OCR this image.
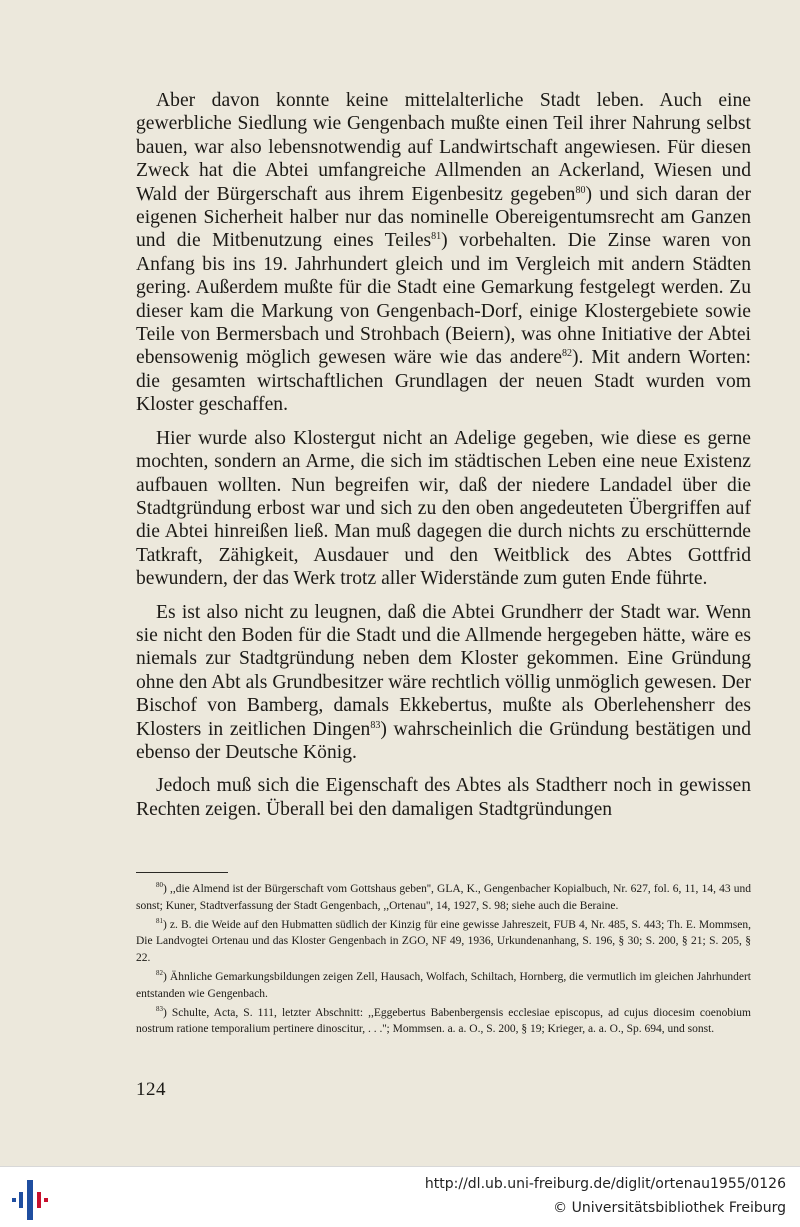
Aber davon konnte keine mittelalterliche Stadt leben. Auch eine gewerbliche Siedlung wie Gengenbach mußte einen Teil ihrer Nahrung selbst bauen, war also lebensnotwendig auf Landwirtschaft angewiesen. Für diesen Zweck hat die Abtei umfangreiche Allmenden an Ackerland, Wiesen und Wald der Bürgerschaft aus ihrem Eigenbesitz gegeben$^{80}$) und sich daran der eigenen Sicherheit halber nur das nominelle Obereigentumsrecht am Ganzen und die Mitbenutzung eines Teiles$^{81}$) vorbehalten. Die Zinse waren von Anfang bis ins 19. Jahrhundert gleich und im Vergleich mit andern Städten gering. Außerdem mußte für die Stadt eine Gemarkung festgelegt werden. Zu dieser kam die Markung von Gengenbach-Dorf, einige Klostergebiete sowie Teile von Bermersbach und Strohbach (Beiern), was ohne Initiative der Abtei ebensowenig möglich gewesen wäre wie das andere$^{82}$). Mit andern Worten: die gesamten wirtschaftlichen Grundlagen der neuen Stadt wurden vom Kloster geschaffen.

Hier wurde also Klostergut nicht an Adelige gegeben, wie diese es gerne mochten, sondern an Arme, die sich im städtischen Leben eine neue Existenz aufbauen wollten. Nun begreifen wir, daß der niedere Landadel über die Stadtgründung erbost war und sich zu den oben angedeuteten Übergriffen auf die Abtei hinreißen ließ. Man muß dagegen die durch nichts zu erschütternde Tatkraft, Zähigkeit, Ausdauer und den Weitblick des Abtes Gottfrid bewundern, der das Werk trotz aller Widerstände zum guten Ende führte.

Es ist also nicht zu leugnen, daß die Abtei Grundherr der Stadt war. Wenn sie nicht den Boden für die Stadt und die Allmende hergegeben hätte, wäre es niemals zur Stadtgründung neben dem Kloster gekommen. Eine Gründung ohne den Abt als Grundbesitzer wäre rechtlich völlig unmöglich gewesen. Der Bischof von Bamberg, damals Ekkebertus, mußte als Oberlehensherr des Klosters in zeitlichen Dingen$^{83}$) wahrscheinlich die Gründung bestätigen und ebenso der Deutsche König.

Jedoch muß sich die Eigenschaft des Abtes als Stadtherr noch in gewissen Rechten zeigen. Überall bei den damaligen Stadtgründungen

$^{80}$) ,,die Almend ist der Bürgerschaft vom Gottshaus geben'', GLA, K., Gengenbacher Kopialbuch, Nr. 627, fol. 6, 11, 14, 43 und sonst; Kuner, Stadtverfassung der Stadt Gengenbach, ,,Ortenau'', 14, 1927, S. 98; siehe auch die Beraine.

$^{81}$) z. B. die Weide auf den Hubmatten südlich der Kinzig für eine gewisse Jahreszeit, FUB 4, Nr. 485, S. 443; Th. E. Mommsen, Die Landvogtei Ortenau und das Kloster Gengenbach in ZGO, NF 49, 1936, Urkundenanhang, S. 196, § 30; S. 200, § 21; S. 205, § 22.

$^{82}$) Ähnliche Gemarkungsbildungen zeigen Zell, Hausach, Wolfach, Schiltach, Hornberg, die vermutlich im gleichen Jahrhundert entstanden wie Gengenbach.

$^{83}$) Schulte, Acta, S. 111, letzter Abschnitt: ,,Eggebertus Babenbergensis ecclesiae episcopus, ad cujus diocesim coenobium nostrum ratione temporalium pertinere dinoscitur, . . .''; Mommsen. a. a. O., S. 200, § 19; Krieger, a. a. O., Sp. 694, und sonst.

124
http://dl.ub.uni-freiburg.de/diglit/ortenau1955/0126
© Universitätsbibliothek Freiburg
